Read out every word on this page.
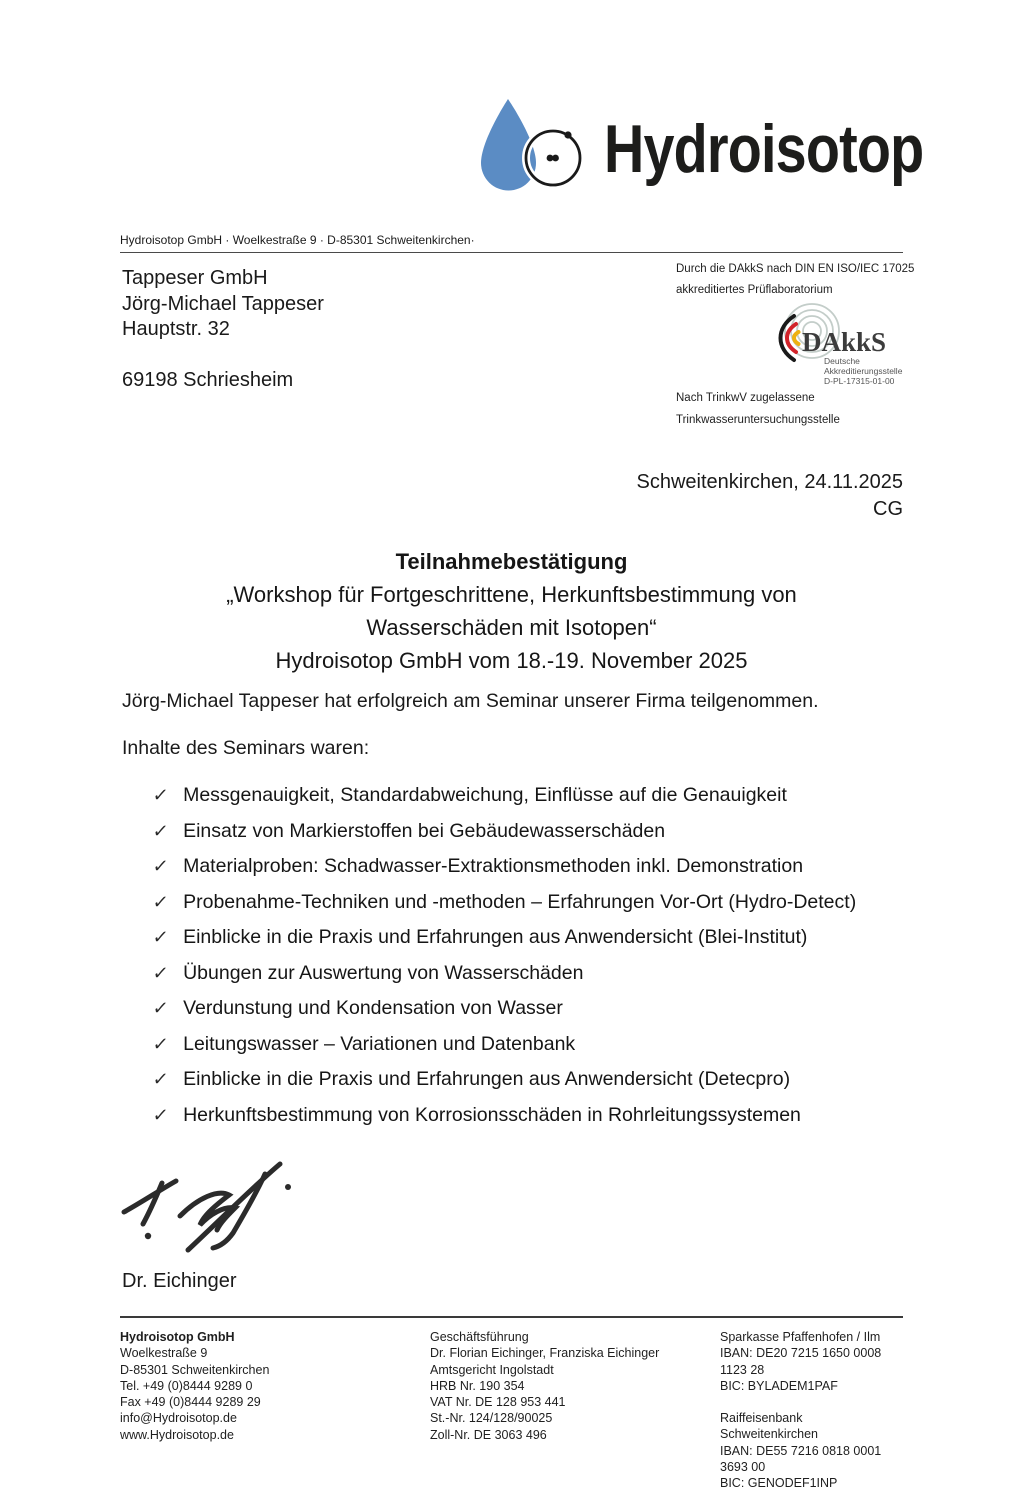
Hydroisotop
Hydroisotop GmbH · Woelkestraße 9 · D-85301 Schweitenkirchen·
Tappeser GmbH
Jörg-Michael Tappeser
Hauptstr. 32
69198 Schriesheim
Durch die DAkkS nach DIN EN ISO/IEC 17025
akkreditiertes Prüflaboratorium
DAkkS
Deutsche
Akkreditierungsstelle
D-PL-17315-01-00
Nach TrinkwV zugelassene
Trinkwasseruntersuchungsstelle
Schweitenkirchen, 24.11.2025
CG
Teilnahmebestätigung
„Workshop für Fortgeschrittene, Herkunftsbestimmung von
Wasserschäden mit Isotopen“
Hydroisotop GmbH vom 18.-19. November 2025
Jörg-Michael Tappeser hat erfolgreich am Seminar unserer Firma teilgenommen.
Inhalte des Seminars waren:
✓ Messgenauigkeit, Standardabweichung, Einflüsse auf die Genauigkeit
✓ Einsatz von Markierstoffen bei Gebäudewasserschäden
✓ Materialproben: Schadwasser-Extraktionsmethoden inkl. Demonstration
✓ Probenahme-Techniken und -methoden – Erfahrungen Vor-Ort (Hydro-Detect)
✓ Einblicke in die Praxis und Erfahrungen aus Anwendersicht (Blei-Institut)
✓ Übungen zur Auswertung von Wasserschäden
✓ Verdunstung und Kondensation von Wasser
✓ Leitungswasser – Variationen und Datenbank
✓ Einblicke in die Praxis und Erfahrungen aus Anwendersicht (Detecpro)
✓ Herkunftsbestimmung von Korrosionsschäden in Rohrleitungssystemen
Dr. Eichinger
Hydroisotop GmbH
Woelkestraße 9
D-85301 Schweitenkirchen
Tel. +49 (0)8444 9289 0
Fax +49 (0)8444 9289 29
info@Hydroisotop.de
www.Hydroisotop.de
Geschäftsführung
Dr. Florian Eichinger, Franziska Eichinger
Amtsgericht Ingolstadt
HRB Nr. 190 354
VAT Nr. DE 128 953 441
St.-Nr. 124/128/90025
Zoll-Nr. DE 3063 496
Sparkasse Pfaffenhofen / Ilm
IBAN: DE20 7215 1650 0008 1123 28
BIC: BYLADEM1PAF
Raiffeisenbank Schweitenkirchen
IBAN: DE55 7216 0818 0001 3693 00
BIC: GENODEF1INP
